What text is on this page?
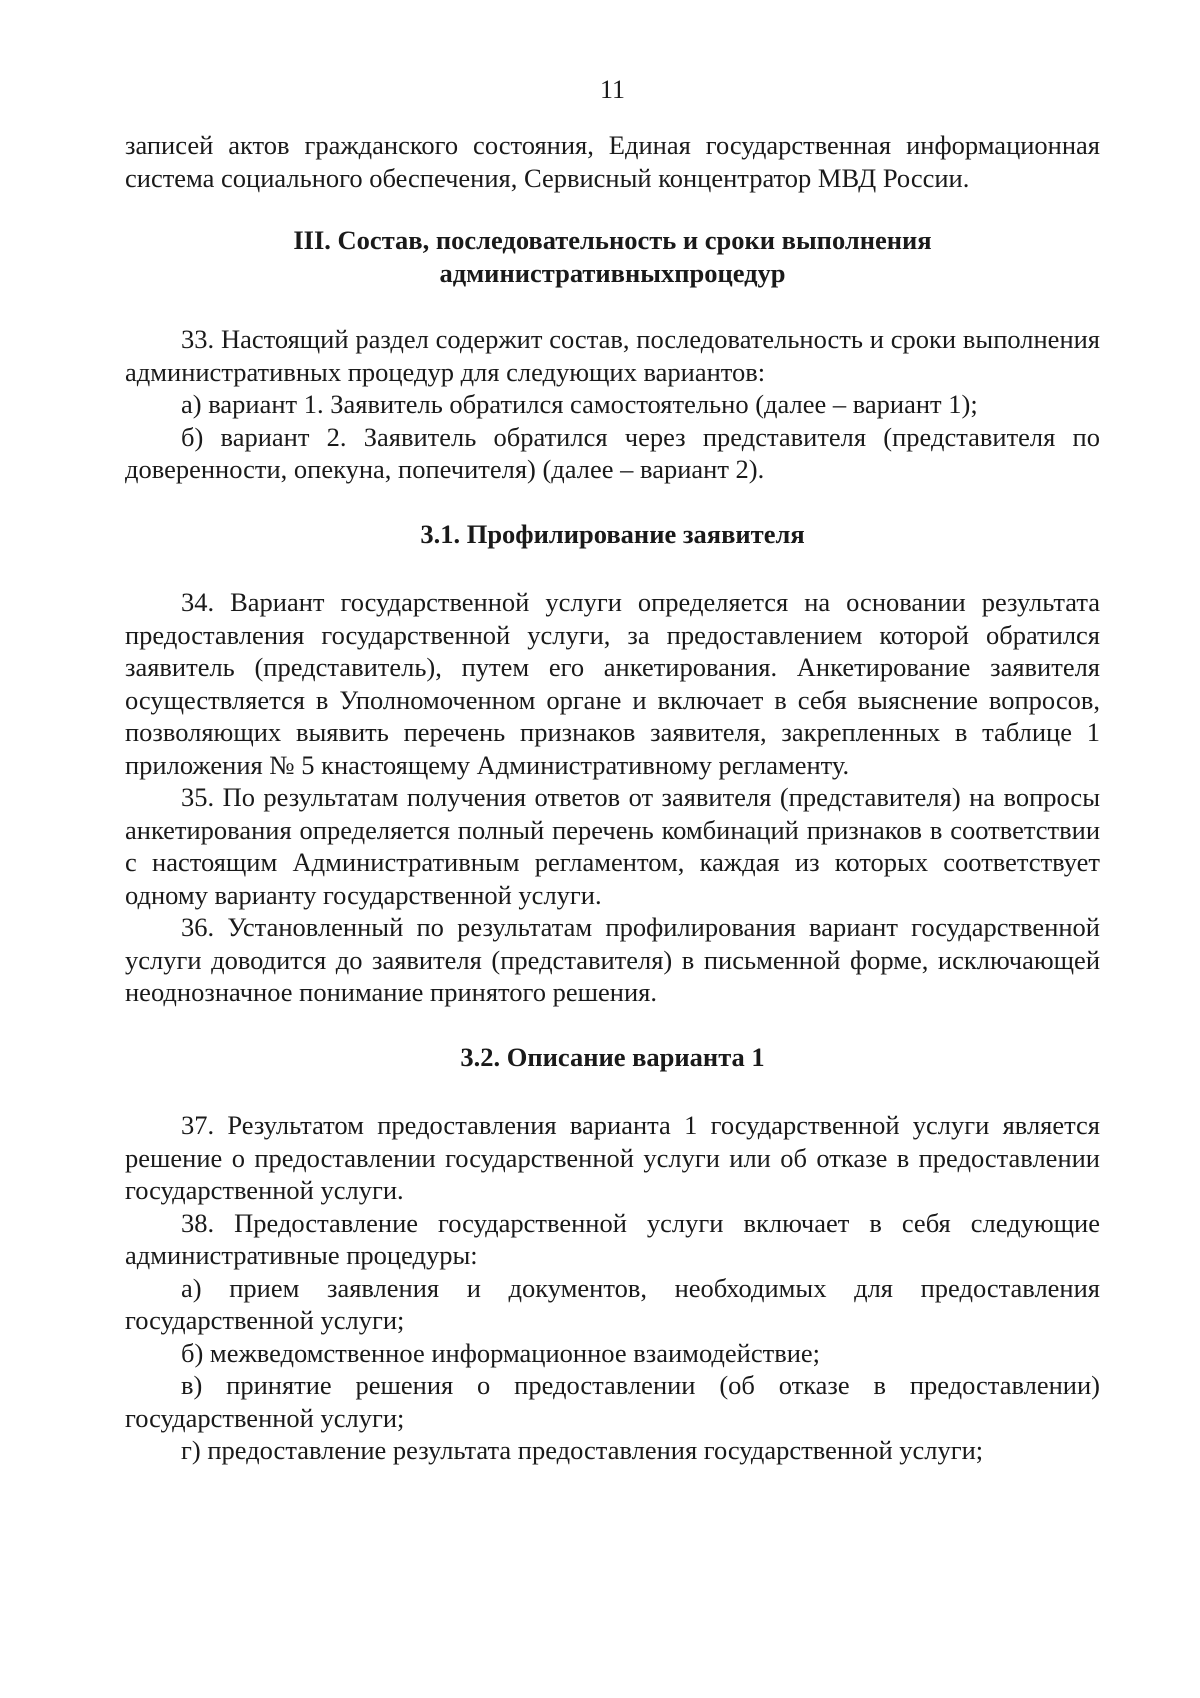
11

записей актов гражданского состояния, Единая государственная информационная система социального обеспечения, Сервисный концентратор МВД России.

III. Состав, последовательность и сроки выполнения
административныхпроцедур

33. Настоящий раздел содержит состав, последовательность и сроки выполнения административных процедур для следующих вариантов:

а) вариант 1. Заявитель обратился самостоятельно (далее – вариант 1);

б) вариант 2. Заявитель обратился через представителя (представителя по доверенности, опекуна, попечителя) (далее – вариант 2).

3.1. Профилирование заявителя

34. Вариант государственной услуги определяется на основании результата предоставления государственной услуги, за предоставлением которой обратился заявитель (представитель), путем его анкетирования. Анкетирование заявителя осуществляется в Уполномоченном органе и включает в себя выяснение вопросов, позволяющих выявить перечень признаков заявителя, закрепленных в таблице 1 приложения № 5 кнастоящему Административному регламенту.

35. По результатам получения ответов от заявителя (представителя) на вопросы анкетирования определяется полный перечень комбинаций признаков в соответствии с настоящим Административным регламентом, каждая из которых соответствует одному варианту государственной услуги.

36. Установленный по результатам профилирования вариант государственной услуги доводится до заявителя (представителя) в письменной форме, исключающей неоднозначное понимание принятого решения.

3.2. Описание варианта 1

37. Результатом предоставления варианта 1 государственной услуги является решение о предоставлении государственной услуги или об отказе в предоставлении государственной услуги.

38. Предоставление государственной услуги включает в себя следующие административные процедуры:

а) прием заявления и документов, необходимых для предоставления государственной услуги;

б) межведомственное информационное взаимодействие;

в) принятие решения о предоставлении (об отказе в предоставлении) государственной услуги;

г) предоставление результата предоставления государственной услуги;
